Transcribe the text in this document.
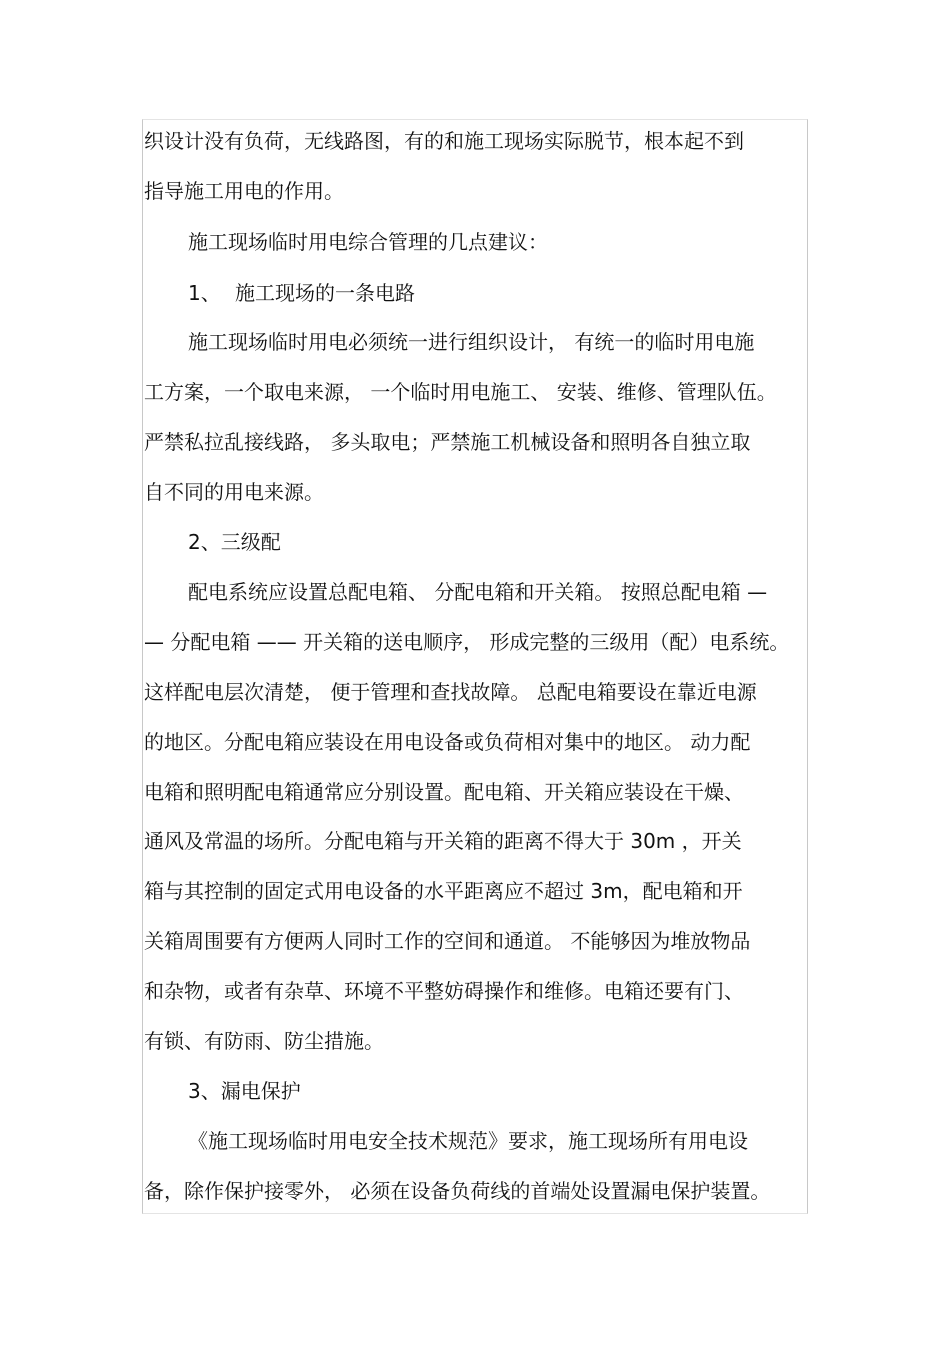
织设计没有负荷，无线路图，有的和施工现场实际脱节，根本起不到
指导施工用电的作用。
施工现场临时用电综合管理的几点建议：
1、 施工现场的一条电路
施工现场临时用电必须统一进行组织设计， 有统一的临时用电施
工方案，一个取电来源， 一个临时用电施工、 安装、维修、管理队伍。
严禁私拉乱接线路， 多头取电；严禁施工机械设备和照明各自独立取
自不同的用电来源。
2、三级配
配电系统应设置总配电箱、 分配电箱和开关箱。 按照总配电箱 —
— 分配电箱 —— 开关箱的送电顺序， 形成完整的三级用（配）电系统。
这样配电层次清楚， 便于管理和查找故障。 总配电箱要设在靠近电源
的地区。分配电箱应装设在用电设备或负荷相对集中的地区。 动力配
电箱和照明配电箱通常应分别设置。配电箱、开关箱应装设在干燥、
通风及常温的场所。分配电箱与开关箱的距离不得大于 30m ，开关
箱与其控制的固定式用电设备的水平距离应不超过 3m，配电箱和开
关箱周围要有方便两人同时工作的空间和通道。 不能够因为堆放物品
和杂物，或者有杂草、环境不平整妨碍操作和维修。电箱还要有门、
有锁、有防雨、防尘措施。
3、漏电保护
《施工现场临时用电安全技术规范》要求，施工现场所有用电设
备，除作保护接零外， 必须在设备负荷线的首端处设置漏电保护装置。
